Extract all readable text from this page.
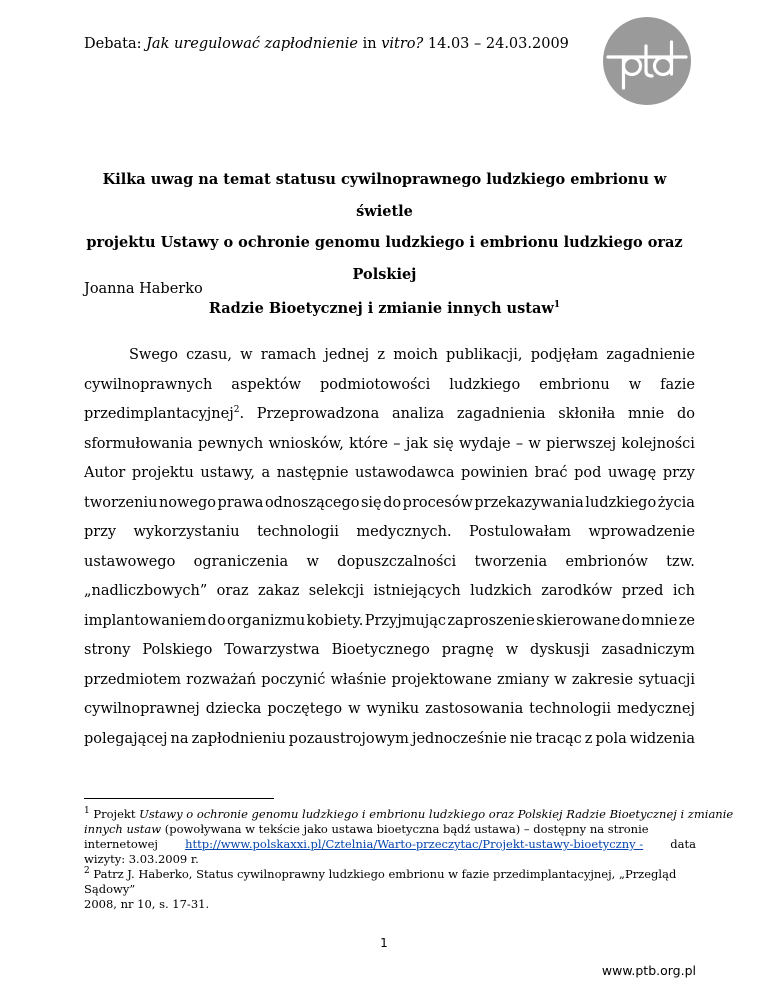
Debata: Jak uregulować zapłodnienie in vitro? 14.03 – 24.03.2009
Kilka uwag na temat statusu cywilnoprawnego ludzkiego embrionu w świetle
projektu Ustawy o ochronie genomu ludzkiego i embrionu ludzkiego oraz Polskiej
Radzie Bioetycznej i zmianie innych ustaw$^1$
Joanna Haberko
Swego czasu, w ramach jednej z moich publikacji, podjęłam zagadnienie
cywilnoprawnych aspektów podmiotowości ludzkiego embrionu w fazie
przedimplantacyjnej$^2$. Przeprowadzona analiza zagadnienia skłoniła mnie do
sformułowania pewnych wniosków, które – jak się wydaje – w pierwszej kolejności
Autor projektu ustawy, a następnie ustawodawca powinien brać pod uwagę przy
tworzeniu nowego prawa odnoszącego się do procesów przekazywania ludzkiego życia
przy wykorzystaniu technologii medycznych. Postulowałam wprowadzenie
ustawowego ograniczenia w dopuszczalności tworzenia embrionów tzw.
„nadliczbowych” oraz zakaz selekcji istniejących ludzkich zarodków przed ich
implantowaniem do organizmu kobiety. Przyjmując zaproszenie skierowane do mnie ze
strony Polskiego Towarzystwa Bioetycznego pragnę w dyskusji zasadniczym
przedmiotem rozważań poczynić właśnie projektowane zmiany w zakresie sytuacji
cywilnoprawnej dziecka poczętego w wyniku zastosowania technologii medycznej
polegającej na zapłodnieniu pozaustrojowym jednocześnie nie tracąc z pola widzenia
$^1$ Projekt Ustawy o ochronie genomu ludzkiego i embrionu ludzkiego oraz Polskiej Radzie Bioetycznej i zmianie
innych ustaw (powoływana w tekście jako ustawa bioetyczna bądź ustawa) – dostępny na stronie
internetowej http://www.polskaxxi.pl/Cztelnia/Warto-przeczytac/Projekt-ustawy-bioetyczny - data
wizyty: 3.03.2009 r.
$^2$ Patrz J. Haberko, Status cywilnoprawny ludzkiego embrionu w fazie przedimplantacyjnej, „Przegląd
Sądowy”
2008, nr 10, s. 17-31.
1
www.ptb.org.pl
